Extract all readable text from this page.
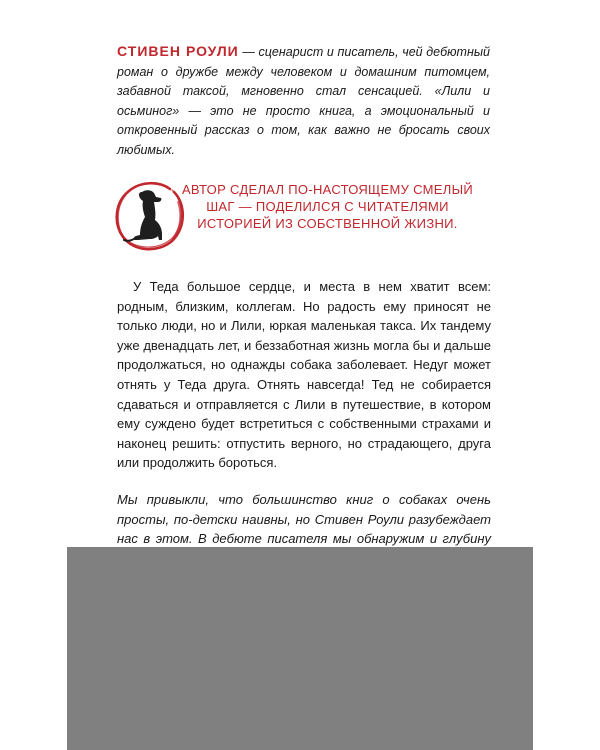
СТИВЕН РОУЛИ — сценарист и писатель, чей дебютный роман о дружбе между человеком и домашним питомцем, забавной таксой, мгновенно стал сенсацией. «Лили и осьминог» — это не просто книга, а эмоциональный и откровенный рассказ о том, как важно не бросать своих любимых.

АВТОР СДЕЛАЛ ПО-НАСТОЯЩЕМУ СМЕЛЫЙ ШАГ — ПОДЕЛИЛСЯ С ЧИТАТЕЛЯМИ ИСТОРИЕЙ ИЗ СОБСТВЕННОЙ ЖИЗНИ.

У Теда большое сердце, и места в нем хватит всем: родным, близким, коллегам. Но радость ему приносят не только люди, но и Лили, юркая маленькая такса. Их тандему уже двенадцать лет, и беззаботная жизнь могла бы и дальше продолжаться, но однажды собака заболевает. Недуг может отнять у Теда друга. Отнять навсегда! Тед не собирается сдаваться и отправляется с Лили в путешествие, в котором ему суждено будет встретиться с собственными страхами и наконец решить: отпустить верного, но страдающего, друга или продолжить бороться.

Мы привыкли, что большинство книг о собаках очень просты, по-детски наивны, но Стивен Роули разубеждает нас в этом. В дебюте писателя мы обнаружим и глубину
